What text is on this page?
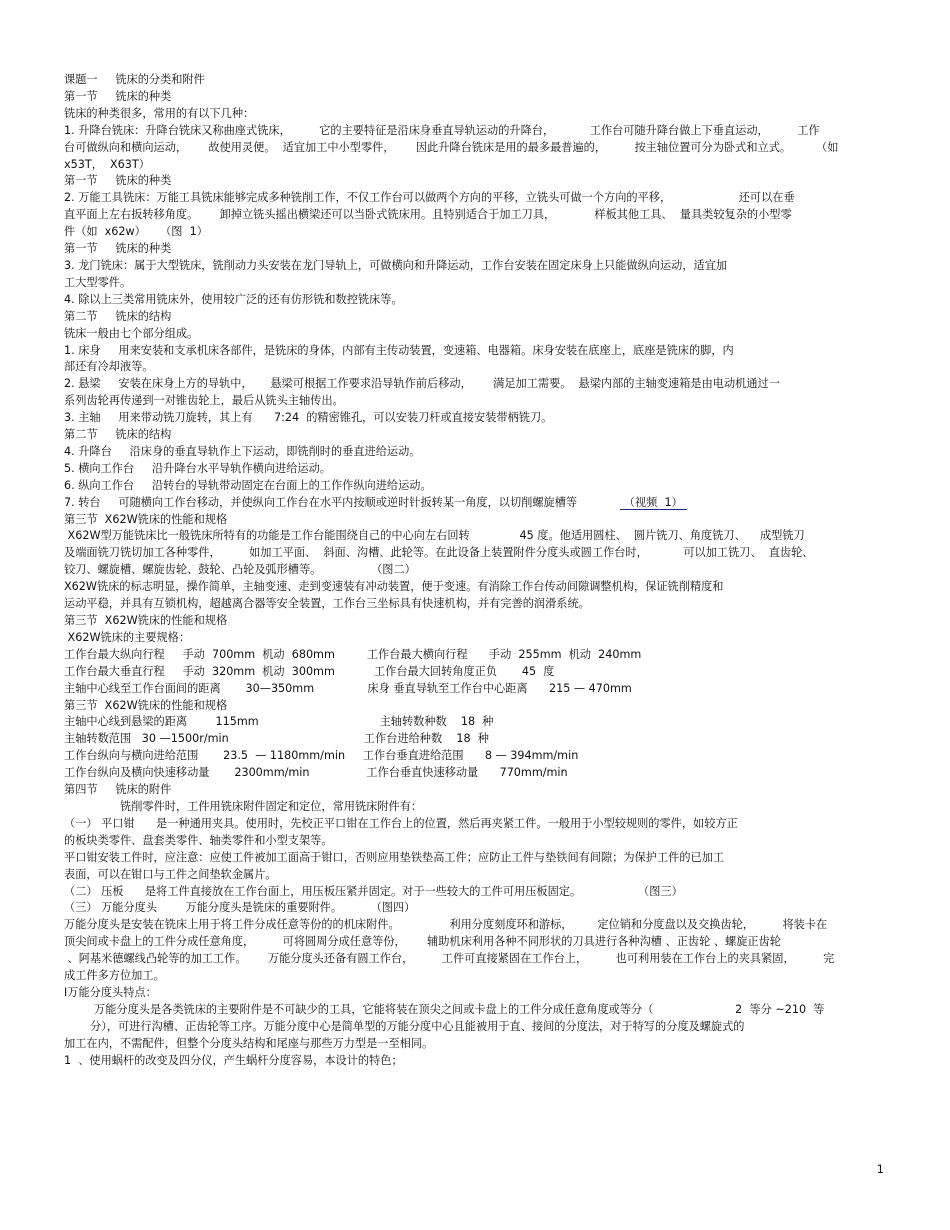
课题一     铣床的分类和附件
第一节     铣床的种类
铣床的种类很多，常用的有以下几种：
1. 升降台铣床：升降台铣床又称曲座式铣床，        它的主要特征是沿床身垂直导轨运动的升降台，          工作台可随升降台做上下垂直运动，        工作
台可做纵向和横向运动，      故使用灵便。  适宜加工中小型零件，      因此升降台铣床是用的最多最普遍的，        按主轴位置可分为卧式和立式。       （如
x53T，  X63T）
第一节     铣床的种类
2. 万能工具铣床：万能工具铣床能够完成多种铣削工作，不仅工作台可以做两个方向的平移，立铣头可做一个方向的平移，                   还可以在垂
直平面上左右扳转移角度。      卸掉立铣头摇出横梁还可以当卧式铣床用。且特别适合于加工刀具，           样板其他工具、  量具类较复杂的小型零
件（如  x62w）    （图  1）
第一节     铣床的种类
3. 龙门铣床：属于大型铣床，铣削动力头安装在龙门导轨上，可做横向和升降运动，工作台安装在固定床身上只能做纵向运动，适宜加
工大型零件。
4. 除以上三类常用铣床外，使用较广泛的还有仿形铣和数控铣床等。
第二节     铣床的结构
铣床一般由七个部分组成。
1. 床身     用来安装和支承机床各部件，是铣床的身体，内部有主传动装置，变速箱、电器箱。床身安装在底座上，底座是铣床的脚，内
部还有冷却液等。
2. 悬梁     安装在床身上方的导轨中，     悬梁可根据工作要求沿导轨作前后移动，      满足加工需要。  悬梁内部的主轴变速箱是由电动机通过一
系列齿轮再传递到一对锥齿轮上，最后从铣头主轴传出。
3. 主轴     用来带动铣刀旋转，其上有      7:24  的精密锥孔，可以安装刀杆或直接安装带柄铣刀。
第二节     铣床的结构
4. 升降台     沿床身的垂直导轨作上下运动，即铣削时的垂直进给运动。
5. 横向工作台     沿升降台水平导轨作横向进给运动。
6. 纵向工作台     沿转台的导轨带动固定在台面上的工作作纵向进给运动。
7. 转台     可随横向工作台移动，并使纵向工作台在水平内按顺或逆时针扳转某一角度，以切削螺旋槽等	（视频  1）
第三节  X62W铣床的性能和规格
X62W型万能铣床比一般铣床所特有的功能是工作台能围绕自己的中心向左右回转              45 度。他适用圆柱、  圆片铣刀、角度铣刀、    成型铣刀
及端面铣刀铣切加工各种零件，        如加工平面、  斜面、沟槽、此轮等。在此设备上装置附件分度头或圆工作台时，          可以加工铣刀、  直齿轮、
铰刀、螺旋槽、螺旋齿轮、鼓轮、凸轮及弧形槽等。              （图二）
X62W铣床的标志明显，操作简单，主轴变速、走到变速装有冲动装置，便于变速。有消除工作台传动间隙调整机构，保证铣削精度和
运动平稳，并具有互锁机构，超越离合器等安全装置，工作台三坐标具有快速机构，并有完善的润滑系统。
第三节  X62W铣床的性能和规格
X62W铣床的主要规格：
工作台最大纵向行程     手动  700mm  机动  680mm         工作台最大横向行程      手动  255mm  机动  240mm
工作台最大垂直行程     手动  320mm  机动  300mm           工作台最大回转角度正负       45  度
主轴中心线至工作台面间的距离       30—350mm               床身 垂直导轨至工作台中心距离      215 — 470mm
第三节  X62W铣床的性能和规格
主轴中心线到悬梁的距离        115mm                                  主轴转数种数    18  种
主轴转数范围   30 —1500r/min                                      工作台进给种数    18  种
工作台纵向与横向进给范围       23.5  — 1180mm/min     工作台垂直进给范围      8 — 394mm/min
工作台纵向及横向快速移动量       2300mm/min                工作台垂直快速移动量      770mm/min
第四节     铣床的附件
铣削零件时，工件用铣床附件固定和定位，常用铣床附件有：
（一） 平口钳      是一种通用夹具。使用时，先校正平口钳在工作台上的位置，然后再夹紧工件。一般用于小型较规则的零件，如较方正
的板块类零件、盘套类零件、轴类零件和小型支架等。
平口钳安装工件时，应注意：应使工件被加工面高于钳口，否则应用垫铁垫高工件；应防止工件与垫铁间有间隙；为保护工件的已加工
表面，可以在钳口与工件之间垫软金属片。
（二） 压板      是将工件直接放在工作台面上，用压板压紧并固定。对于一些较大的工件可用压板固定。                （图三）
（三） 万能分度头        万能分度头是铣床的重要附件。        （图四）
万能分度头是安装在铣床上用于将工件分成任意等份的的机床附件。              利用分度刻度环和游标，       定位销和分度盘以及交换齿轮，        将装卡在
顶尖间或卡盘上的工件分成任意角度，        可将圆周分成任意等份，      辅助机床利用各种不同形状的刀具进行各种沟槽 、正齿轮 、螺旋正齿轮
、阿基米德螺线凸轮等的加工工作。      万能分度头还备有圆工作台，        工件可直接紧固在工作台上，        也可利用装在工作台上的夹具紧固，        完
成工件多方位加工。
Ⅰ万能分度头特点：
万能分度头是各类铣床的主要附件是不可缺少的工具，它能将装在顶尖之间或卡盘上的工件分成任意角度或等分（                       2  等分 ~210  等
分），可进行沟槽、正齿轮等工序。万能分度中心是简单型的万能分度中心且能被用于直、接间的分度法，对于特写的分度及螺旋式的
加工在内，不需配件，但整个分度头结构和尾座与那些万力型是一至相同。
1  、使用蜗杆的改变及四分仪，产生蜗杆分度容易，本设计的特色；
1
